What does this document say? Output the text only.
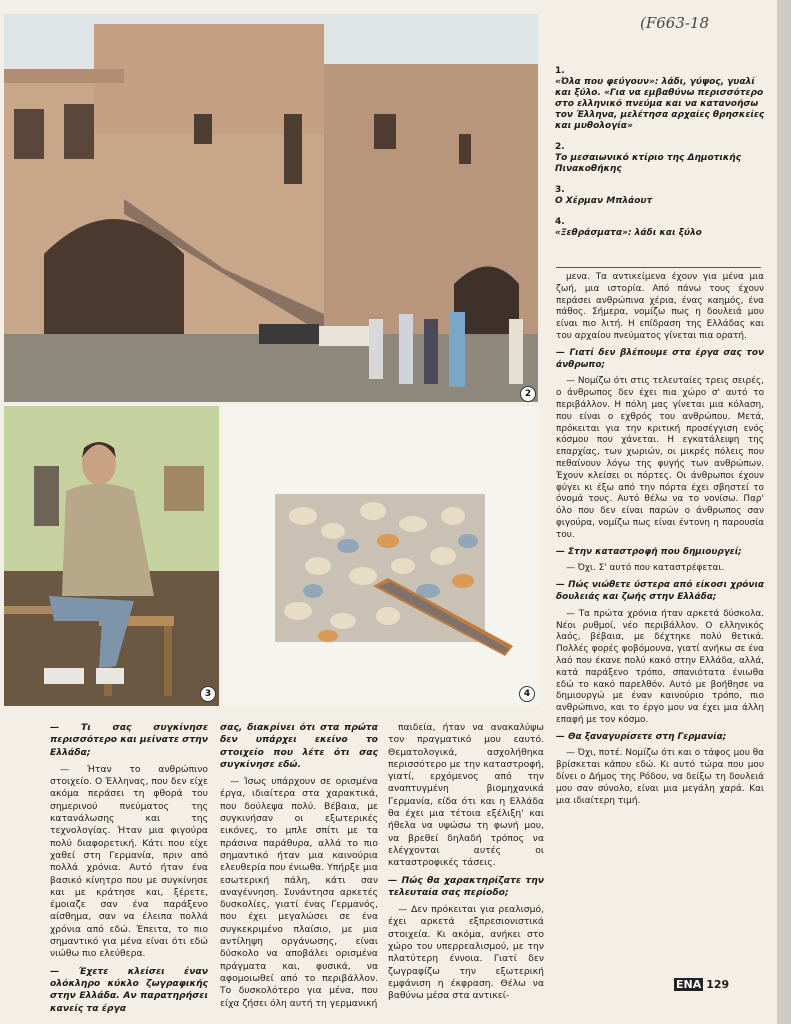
2
3	4
(F663-18
1.
«Όλα που φεύγουν»: λάδι, γύψος, γυαλί και ξύλο. «Για να εμβαθύνω περισσότερο στο ελληνικό πνεύμα και να κατανοήσω τον Έλληνα, μελέτησα αρχαίες θρησκείες και μυθολογία»
2.
Το μεσαιωνικό κτίριο της Δημοτικής Πινακοθήκης
3.
Ο Χέρμαν Μπλάουτ
4.
«Ξεθράσματα»: λάδι και ξύλο

μενα. Τα αντικείμενα έχουν για μένα μια ζωή, μια ιστορία. Από πάνω τους έχουν περάσει ανθρώπινα χέρια, ένας καημός, ένα πάθος. Σήμερα, νομίζω πως η δουλειά μου είναι πιο λιτή. Η επίδραση της Ελλάδας και του αρχαίου πνεύματος γίνεται πια ορατή.

— Γιατί δεν βλέπουμε στα έργα σας τον άνθρωπο;

— Νομίζω ότι στις τελευταίες τρεις σειρές, ο άνθρωπος δεν έχει πια χώρο σ' αυτό το περιβάλλον. Η πόλη μας γίνεται μια κόλαση, που είναι ο εχθρός του ανθρώπου. Μετά, πρόκειται για την κριτική προσέγγιση ενός κόσμου που χάνεται. Η εγκατάλειψη της επαρχίας, των χωριών, οι μικρές πόλεις που πεθαίνουν λόγω της φυγής των ανθρώπων. Έχουν κλείσει οι πόρτες. Οι άνθρωποι έχουν φύγει κι έξω από την πόρτα έχει σβηστεί το όνομά τους. Αυτό θέλω να το νονίσω. Παρ' όλο που δεν είναι παρών ο άνθρωπος σαν φιγούρα, νομίζω πως είναι έντονη η παρουσία του.

— Στην καταστροφή που δημιουργεί;

— Όχι. Σ' αυτό που καταστρέφεται.

— Πώς νιώθετε ύστερα από είκοσι χρόνια δουλειάς και ζωής στην Ελλάδα;

— Τα πρώτα χρόνια ήταν αρκετά δύσκολα. Νέοι ρυθμοί, νέο περιβάλλον. Ο ελληνικός λαός, βέβαια, με δέχτηκε πολύ θετικά. Πολλές φορές φοβόμουνα, γιατί ανήκω σε ένα λαό που έκανε πολύ κακό στην Ελλάδα, αλλά, κατά παράξενο τρόπο, σπανιότατα ένιωθα εδώ το κακό παρελθόν. Αυτό με βοήθησε να δημιουργώ με έναν καινούριο τρόπο, πιο ανθρώπινο, και το έργο μου να έχει μια άλλη επαφή με τον κόσμο.

— Θα ξαναγυρίσετε στη Γερμανία;

— Όχι, ποτέ. Νομίζω ότι και ο τάφος μου θα βρίσκεται κάπου εδώ. Κι αυτό τώρα που μου δίνει ο Δήμος της Ρόδου, να δείξω τη δουλειά μου σαν σύνολο, είναι μια μεγάλη χαρά. Και μια ιδιαίτερη τιμή.

— Τι σας συγκίνησε περισσότερο και μείνατε στην Ελλάδα;

— Ήταν το ανθρώπινο στοιχείο. Ο Έλληνας, που δεν είχε ακόμα περάσει τη φθορά του σημερινού πνεύματος της κατανάλωσης και της τεχνολογίας. Ήταν μια φιγούρα πολύ διαφορετική. Κάτι που είχε χαθεί στη Γερμανία, πριν από πολλά χρόνια. Αυτό ήταν ένα βασικό κίνητρο που με συγκίνησε και με κράτησε και, ξέρετε, έμοιαζε σαν ένα παράξενο αίσθημα, σαν να έλειπα πολλά χρόνια από εδώ. Έπειτα, το πιο σημαντικό για μένα είναι ότι εδώ νιώθω πιο ελεύθερα.

— Έχετε κλείσει έναν ολόκληρο κύκλο ζωγραφικής στην Ελλάδα. Αν παρατηρήσει κανείς τα έργα

σας, διακρίνει ότι στα πρώτα δεν υπάρχει εκείνο το στοιχείο που λέτε ότι σας συγκίνησε εδώ.

— Ίσως υπάρχουν σε ορισμένα έργα, ιδιαίτερα στα χαρακτικά, που δούλεψα πολύ. Βέβαια, με συγκινήσαν οι εξωτερικές εικόνες, το μπλε σπίτι με τα πράσινα παράθυρα, αλλά το πιο σημαντικό ήταν μια καινούρια ελευθερία που ένιωθα. Υπήρξε μια εσωτερική πάλη, κάτι σαν αναγέννηση. Συνάντησα αρκετές δυσκολίες, γιατί ένας Γερμανός, που έχει μεγαλώσει σε ένα συγκεκριμένο πλαίσιο, με μια αντίληψη οργάνωσης, είναι δύσκολο να αποβάλει ορισμένα πράγματα και, φυσικά, να αφομοιωθεί από το περιβάλλον. Το δυσκολότερο για μένα, που είχα ζήσει όλη αυτή τη γερμανική

παιδεία, ήταν να ανακαλύψω τον πραγματικό μου εαυτό. Θεματολογικά, ασχολήθηκα περισσότερο με την καταστροφή, γιατί, ερχόμενος από την αναπτυγμένη βιομηχανικά Γερμανία, είδα ότι και η Ελλάδα θα έχει μια τέτοια εξέλιξη' και ήθελα να υψώσω τη φωνή μου, να βρεθεί δηλαδή τρόπος να ελέγχονται αυτές οι καταστροφικές τάσεις.

— Πώς θα χαρακτηρίζατε την τελευταία σας περίοδο;

— Δεν πρόκειται για ρεαλισμό, έχει αρκετά εξπρεσιονιστικά στοιχεία. Κι ακόμα, ανήκει στο χώρο του υπερρεαλισμού, με την πλατύτερη έννοια. Γιατί δεν ζωγραφίζω την εξωτερική εμφάνιση η έκφραση. Θέλω να βαθύνω μέσα στα αντικεί-

ΕΝΑ 129
